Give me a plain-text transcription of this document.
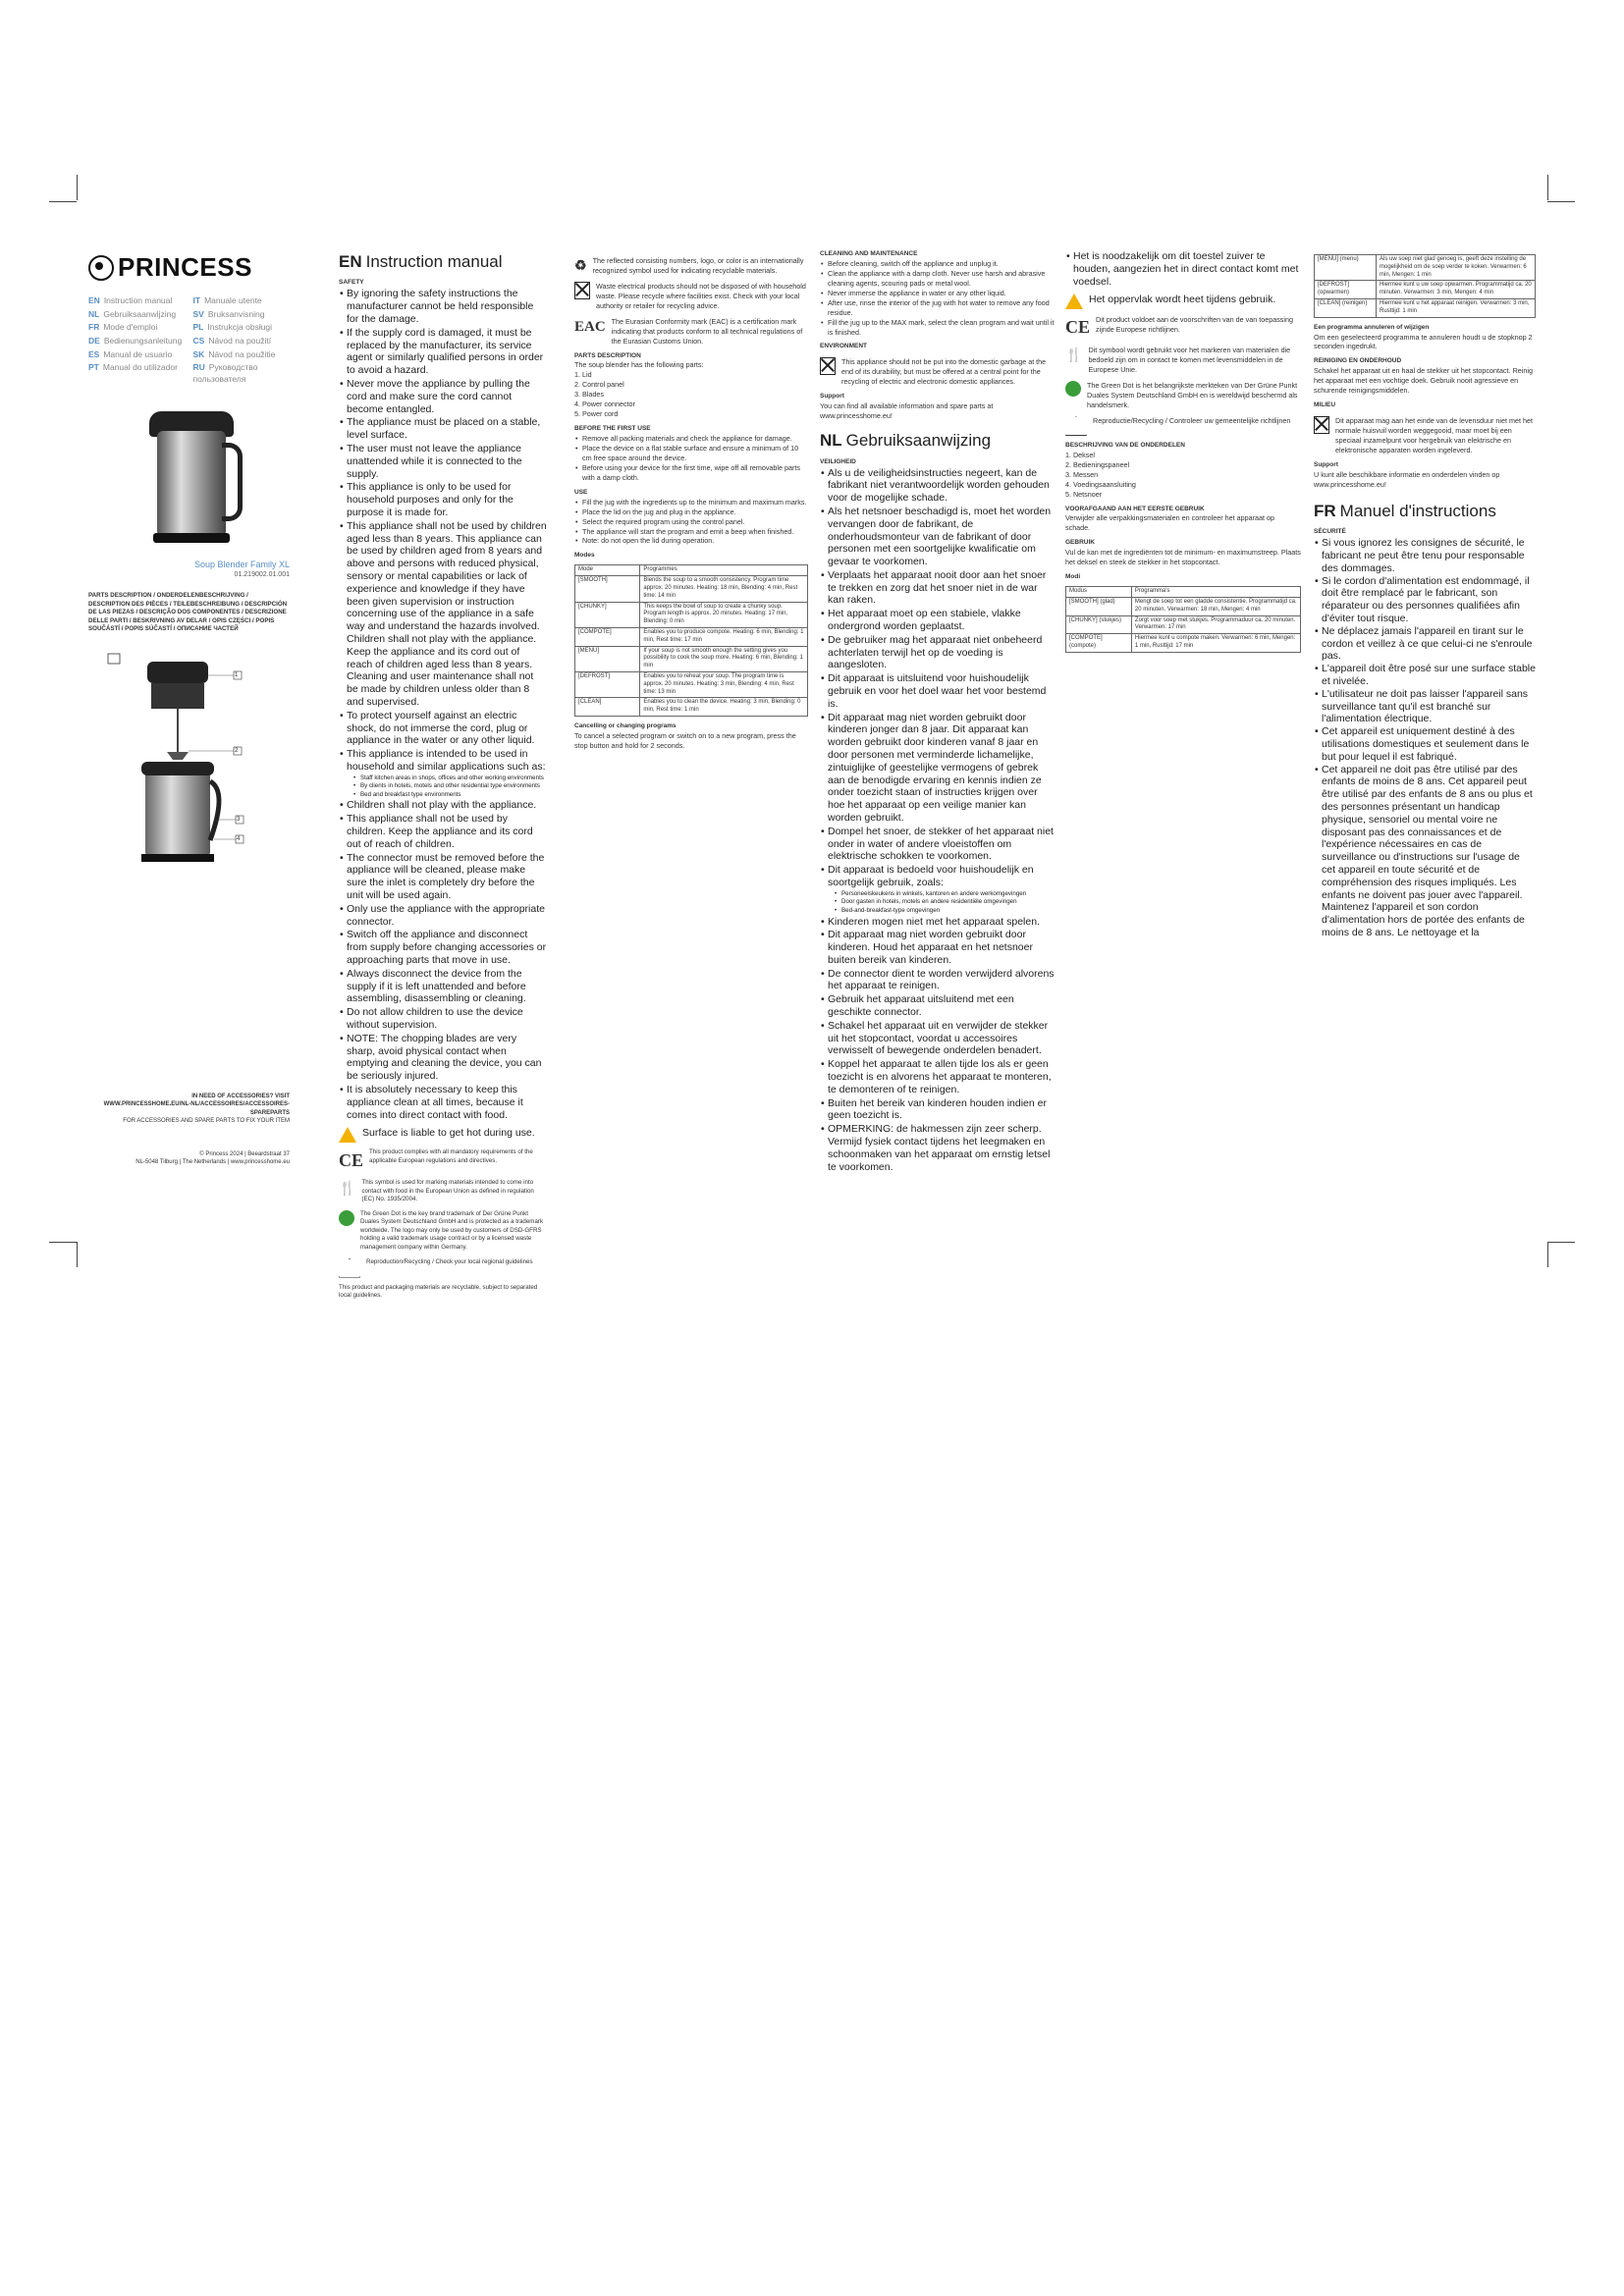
PRINCESS
EN Instruction manual	IT Manuale utente
NL Gebruiksaanwijzing	SV Bruksanvisning
FR Mode d'emploi	PL Instrukcja obsługi
DE Bedienungsanleitung	CS Návod na použití
ES Manual de usuario	SK Návod na použitie
PT Manual do utilizador	RU Руководство пользователя
Soup Blender Family XL
01.219002.01.001
PARTS DESCRIPTION / ONDERDELENBESCHRIJVING / DESCRIPTION DES PIÈCES / TEILEBESCHREIBUNG / DESCRIPCIÓN DE LAS PIEZAS / DESCRIÇÃO DOS COMPONENTES / DESCRIZIONE DELLE PARTI / BESKRIVNING AV DELAR / OPIS CZĘŚCI / POPIS SOUČÁSTÍ / POPIS SÚČASTÍ / ОПИСАНИЕ ЧАСТЕЙ
1
2
3
4
IN NEED OF ACCESSORIES? VISIT
WWW.PRINCESSHOME.EU/NL-NL/ACCESSOIRES/ACCESSOIRES-SPAREPARTS
FOR ACCESSORIES AND SPARE PARTS TO FIX YOUR ITEM
© Princess 2024 | Beeardstraat 37
NL-5048 Tilburg | The Netherlands | www.princesshome.eu
EN Instruction manual
SAFETY
• By ignoring the safety instructions the manufacturer cannot be held responsible for the damage.
• If the supply cord is damaged, it must be replaced by the manufacturer, its service agent or similarly qualified persons in order to avoid a hazard.
• Never move the appliance by pulling the cord and make sure the cord cannot become entangled.
• The appliance must be placed on a stable, level surface.
• The user must not leave the appliance unattended while it is connected to the supply.
• This appliance is only to be used for household purposes and only for the purpose it is made for.
• This appliance shall not be used by children aged less than 8 years. This appliance can be used by children aged from 8 years and above and persons with reduced physical, sensory or mental capabilities or lack of experience and knowledge if they have been given supervision or instruction concerning use of the appliance in a safe way and understand the hazards involved. Children shall not play with the appliance. Keep the appliance and its cord out of reach of children aged less than 8 years. Cleaning and user maintenance shall not be made by children unless older than 8 and supervised.
• To protect yourself against an electric shock, do not immerse the cord, plug or appliance in the water or any other liquid.
• This appliance is intended to be used in household and similar applications such as:
• Staff kitchen areas in shops, offices and other working environments
• By clients in hotels, motels and other residential type environments
• Bed and breakfast type environments
• Children shall not play with the appliance.
• This appliance shall not be used by children. Keep the appliance and its cord out of reach of children.
• The connector must be removed before the appliance will be cleaned, please make sure the inlet is completely dry before the unit will be used again.
• Only use the appliance with the appropriate connector.
• Switch off the appliance and disconnect from supply before changing accessories or approaching parts that move in use.
• Always disconnect the device from the supply if it is left unattended and before assembling, disassembling or cleaning.
• Do not allow children to use the device without supervision.
• NOTE: The chopping blades are very sharp, avoid physical contact when emptying and cleaning the device, you can be seriously injured.
• It is absolutely necessary to keep this appliance clean at all times, because it comes into direct contact with food.
Surface is liable to get hot during use.
CE This product complies with all mandatory requirements of the applicable European regulations and directives.
🍴 This symbol is used for marking materials intended to come into contact with food in the European Union as defined in regulation (EC) No. 1935/2004.
The Green Dot is the key brand trademark of Der Grüne Punkt Duales System Deutschland GmbH and is protected as a trademark worldwide. The logo may only be used by customers of DSD-GFRS holding a valid trademark usage contract or by a licensed waste management company within Germany.
Reproduction/Recycling / Check your local regional guidelines
This product and packaging materials are recyclable, subject to separated local guidelines.
♻ The reflected consisting numbers, logo, or color is an internationally recognized symbol used for indicating recyclable materials.
Waste electrical products should not be disposed of with household waste. Please recycle where facilities exist. Check with your local authority or retailer for recycling advice.
EAC The Eurasian Conformity mark (EAC) is a certification mark indicating that products conform to all technical regulations of the Eurasian Customs Union.
PARTS DESCRIPTION
The soup blender has the following parts:
1. Lid
2. Control panel
3. Blades
4. Power connector
5. Power cord
BEFORE THE FIRST USE
• Remove all packing materials and check the appliance for damage.
• Place the device on a flat stable surface and ensure a minimum of 10 cm free space around the device.
• Before using your device for the first time, wipe off all removable parts with a damp cloth.
USE
• Fill the jug with the ingredients up to the minimum and maximum marks.
• Place the lid on the jug and plug in the appliance.
• Select the required program using the control panel.
• The appliance will start the program and emit a beep when finished.
• Note: do not open the lid during operation.
Modes
Mode	Programmes
[SMOOTH]	Blends the soup to a smooth consistency. Program time approx. 20 minutes. Heating: 18 min, Blending: 4 min, Rest time: 14 min
[CHUNKY]	This keeps the bowl of soup to create a chunky soup. Program length is approx. 20 minutes. Heating: 17 min, Blending: 0 min
[COMPOTE]	Enables you to produce compote. Heating: 6 min, Blending: 1 min, Rest time: 17 min
[MENU]	If your soup is not smooth enough the setting gives you possibility to cook the soup more. Heating: 6 min, Blending: 1 min
[DEFROST]	Enables you to reheat your soup. The program time is approx. 20 minutes. Heating: 3 min, Blending: 4 min, Rest time: 13 min
[CLEAN]	Enables you to clean the device. Heating: 3 min, Blending: 0 min, Rest time: 1 min
Cancelling or changing programs
To cancel a selected program or switch on to a new program, press the stop button and hold for 2 seconds.
CLEANING AND MAINTENANCE
• Before cleaning, switch off the appliance and unplug it.
• Clean the appliance with a damp cloth. Never use harsh and abrasive cleaning agents, scouring pads or metal wool.
• Never immerse the appliance in water or any other liquid.
• After use, rinse the interior of the jug with hot water to remove any food residue.
• Fill the jug up to the MAX mark, select the clean program and wait until it is finished.
ENVIRONMENT
This appliance should not be put into the domestic garbage at the end of its durability, but must be offered at a central point for the recycling of electric and electronic domestic appliances.
Support
You can find all available information and spare parts at www.princesshome.eu!
NL Gebruiksaanwijzing
VEILIGHEID
• Als u de veiligheidsinstructies negeert, kan de fabrikant niet verantwoordelijk worden gehouden voor de mogelijke schade.
• Als het netsnoer beschadigd is, moet het worden vervangen door de fabrikant, de onderhoudsmonteur van de fabrikant of door personen met een soortgelijke kwalificatie om gevaar te voorkomen.
• Verplaats het apparaat nooit door aan het snoer te trekken en zorg dat het snoer niet in de war kan raken.
• Het apparaat moet op een stabiele, vlakke ondergrond worden geplaatst.
• De gebruiker mag het apparaat niet onbeheerd achterlaten terwijl het op de voeding is aangesloten.
• Dit apparaat is uitsluitend voor huishoudelijk gebruik en voor het doel waar het voor bestemd is.
• Dit apparaat mag niet worden gebruikt door kinderen jonger dan 8 jaar. Dit apparaat kan worden gebruikt door kinderen vanaf 8 jaar en door personen met verminderde lichamelijke, zintuiglijke of geestelijke vermogens of gebrek aan de benodigde ervaring en kennis indien ze onder toezicht staan of instructies krijgen over hoe het apparaat op een veilige manier kan worden gebruikt.
• Dompel het snoer, de stekker of het apparaat niet onder in water of andere vloeistoffen om elektrische schokken te voorkomen.
• Dit apparaat is bedoeld voor huishoudelijk en soortgelijk gebruik, zoals:
• Personeelskeukens in winkels, kantoren en andere werkomgevingen
• Door gasten in hotels, motels en andere residentiële omgevingen
• Bed-and-breakfast-type omgevingen
• Kinderen mogen niet met het apparaat spelen.
• Dit apparaat mag niet worden gebruikt door kinderen. Houd het apparaat en het netsnoer buiten bereik van kinderen.
• De connector dient te worden verwijderd alvorens het apparaat te reinigen.
• Gebruik het apparaat uitsluitend met een geschikte connector.
• Schakel het apparaat uit en verwijder de stekker uit het stopcontact, voordat u accessoires verwisselt of bewegende onderdelen benadert.
• Koppel het apparaat te allen tijde los als er geen toezicht is en alvorens het apparaat te monteren, te demonteren of te reinigen.
• Buiten het bereik van kinderen houden indien er geen toezicht is.
• OPMERKING: de hakmessen zijn zeer scherp. Vermijd fysiek contact tijdens het leegmaken en schoonmaken van het apparaat om ernstig letsel te voorkomen.
• Het is noodzakelijk om dit toestel zuiver te houden, aangezien het in direct contact komt met voedsel.
Het oppervlak wordt heet tijdens gebruik.
CE Dit product voldoet aan de voorschriften van de van toepassing zijnde Europese richtlijnen.
🍴 Dit symbool wordt gebruikt voor het markeren van materialen die bedoeld zijn om in contact te komen met levensmiddelen in de Europese Unie.
The Green Dot is het belangrijkste merkteken van Der Grüne Punkt Duales System Deutschland GmbH en is wereldwijd beschermd als handelsmerk.
Reproductie/Recycling / Controleer uw gemeentelijke richtlijnen
BESCHRIJVING VAN DE ONDERDELEN
1. Deksel
2. Bedieningspaneel
3. Messen
4. Voedingsaansluiting
5. Netsnoer
VOORAFGAAND AAN HET EERSTE GEBRUIK
Verwijder alle verpakkingsmaterialen en controleer het apparaat op schade.
GEBRUIK
Vul de kan met de ingrediënten tot de minimum- en maximumstreep. Plaats het deksel en steek de stekker in het stopcontact.
Modi
Modus	Programma's
[SMOOTH] (glad)	Mengt de soep tot een gladde consistentie. Programmatijd ca. 20 minuten. Verwarmen: 18 min, Mengen: 4 min
[CHUNKY] (stukjes)	Zorgt voor soep met stukjes. Programmaduur ca. 20 minuten. Verwarmen: 17 min
[COMPOTE] (compote)	Hiermee kunt u compote maken. Verwarmen: 6 min, Mengen: 1 min, Rusttijd: 17 min
[MENU] (menu)	Als uw soep niet glad genoeg is, geeft deze instelling de mogelijkheid om de soep verder te koken. Verwarmen: 6 min, Mengen: 1 min
[DEFROST] (opwarmen)	Hiermee kunt u uw soep opwarmen. Programmatijd ca. 20 minuten. Verwarmen: 3 min, Mengen: 4 min
[CLEAN] (reinigen)	Hiermee kunt u het apparaat reinigen. Verwarmen: 3 min, Rusttijd: 1 min
Een programma annuleren of wijzigen
Om een geselecteerd programma te annuleren houdt u de stopknop 2 seconden ingedrukt.
REINIGING EN ONDERHOUD
Schakel het apparaat uit en haal de stekker uit het stopcontact. Reinig het apparaat met een vochtige doek. Gebruik nooit agressieve en schurende reinigingsmiddelen.
MILIEU
Dit apparaat mag aan het einde van de levensduur niet met het normale huisvuil worden weggegooid, maar moet bij een speciaal inzamelpunt voor hergebruik van elektrische en elektronische apparaten worden ingeleverd.
Support
U kunt alle beschikbare informatie en onderdelen vinden op www.princesshome.eu!
FR Manuel d'instructions
SÉCURITÉ
• Si vous ignorez les consignes de sécurité, le fabricant ne peut être tenu pour responsable des dommages.
• Si le cordon d'alimentation est endommagé, il doit être remplacé par le fabricant, son réparateur ou des personnes qualifiées afin d'éviter tout risque.
• Ne déplacez jamais l'appareil en tirant sur le cordon et veillez à ce que celui-ci ne s'enroule pas.
• L'appareil doit être posé sur une surface stable et nivelée.
• L'utilisateur ne doit pas laisser l'appareil sans surveillance tant qu'il est branché sur l'alimentation électrique.
• Cet appareil est uniquement destiné à des utilisations domestiques et seulement dans le but pour lequel il est fabriqué.
• Cet appareil ne doit pas être utilisé par des enfants de moins de 8 ans. Cet appareil peut être utilisé par des enfants de 8 ans ou plus et des personnes présentant un handicap physique, sensoriel ou mental voire ne disposant pas des connaissances et de l'expérience nécessaires en cas de surveillance ou d'instructions sur l'usage de cet appareil en toute sécurité et de compréhension des risques impliqués. Les enfants ne doivent pas jouer avec l'appareil. Maintenez l'appareil et son cordon d'alimentation hors de portée des enfants de moins de 8 ans. Le nettoyage et la
